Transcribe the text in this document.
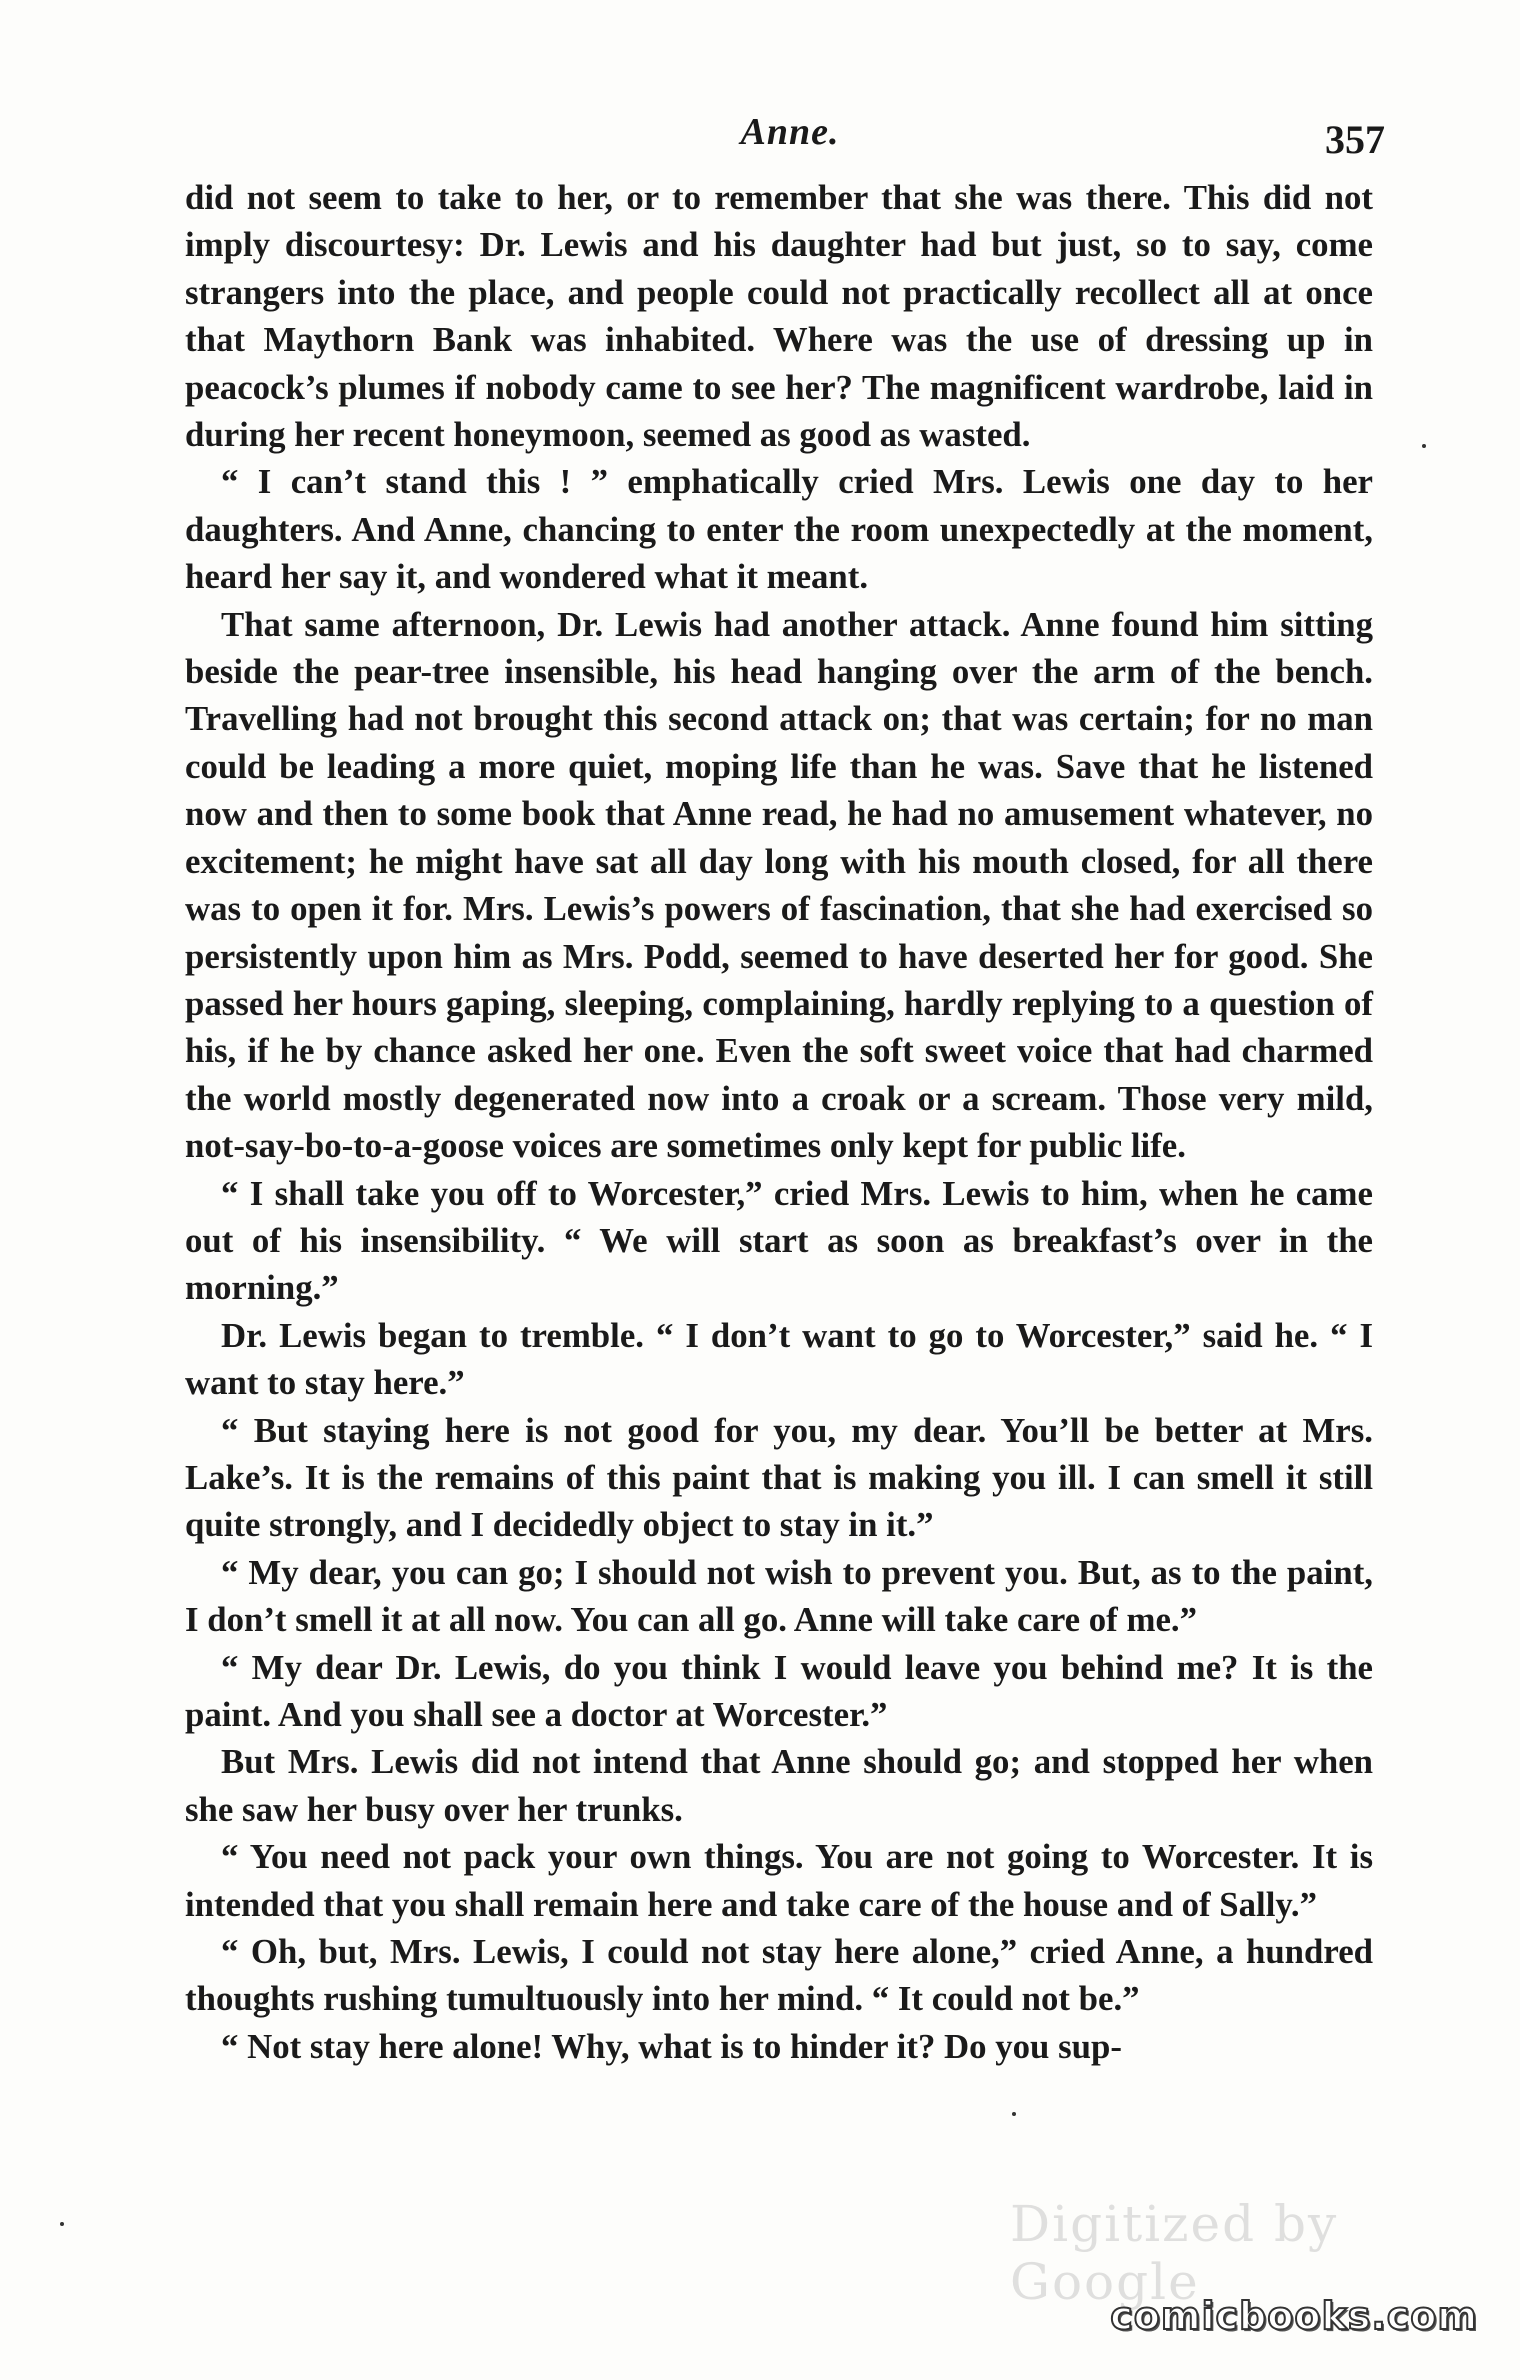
Anne.	357

did not seem to take to her, or to remember that she was there. This did not imply discourtesy: Dr. Lewis and his daughter had but just, so to say, come strangers into the place, and people could not practically recollect all at once that Maythorn Bank was inhabited. Where was the use of dressing up in peacock’s plumes if nobody came to see her? The magnificent wardrobe, laid in during her recent honeymoon, seemed as good as wasted.

“ I can’t stand this ! ” emphatically cried Mrs. Lewis one day to her daughters. And Anne, chancing to enter the room unexpectedly at the moment, heard her say it, and wondered what it meant.

That same afternoon, Dr. Lewis had another attack. Anne found him sitting beside the pear-tree insensible, his head hanging over the arm of the bench. Travelling had not brought this second attack on; that was certain; for no man could be leading a more quiet, moping life than he was. Save that he listened now and then to some book that Anne read, he had no amusement whatever, no excitement; he might have sat all day long with his mouth closed, for all there was to open it for. Mrs. Lewis’s powers of fascination, that she had exercised so persistently upon him as Mrs. Podd, seemed to have deserted her for good. She passed her hours gaping, sleeping, complaining, hardly replying to a question of his, if he by chance asked her one. Even the soft sweet voice that had charmed the world mostly degenerated now into a croak or a scream. Those very mild, not-say-bo-to-a-goose voices are sometimes only kept for public life.

“ I shall take you off to Worcester,” cried Mrs. Lewis to him, when he came out of his insensibility. “ We will start as soon as breakfast’s over in the morning.”

Dr. Lewis began to tremble. “ I don’t want to go to Worcester,” said he. “ I want to stay here.”

“ But staying here is not good for you, my dear. You’ll be better at Mrs. Lake’s. It is the remains of this paint that is making you ill. I can smell it still quite strongly, and I decidedly object to stay in it.”

“ My dear, you can go; I should not wish to prevent you. But, as to the paint, I don’t smell it at all now. You can all go. Anne will take care of me.”

“ My dear Dr. Lewis, do you think I would leave you behind me? It is the paint. And you shall see a doctor at Worcester.”

But Mrs. Lewis did not intend that Anne should go; and stopped her when she saw her busy over her trunks.

“ You need not pack your own things. You are not going to Worcester. It is intended that you shall remain here and take care of the house and of Sally.”

“ Oh, but, Mrs. Lewis, I could not stay here alone,” cried Anne, a hundred thoughts rushing tumultuously into her mind. “ It could not be.”

“ Not stay here alone! Why, what is to hinder it? Do you sup-

Digitized by Google
comicbooks.com
